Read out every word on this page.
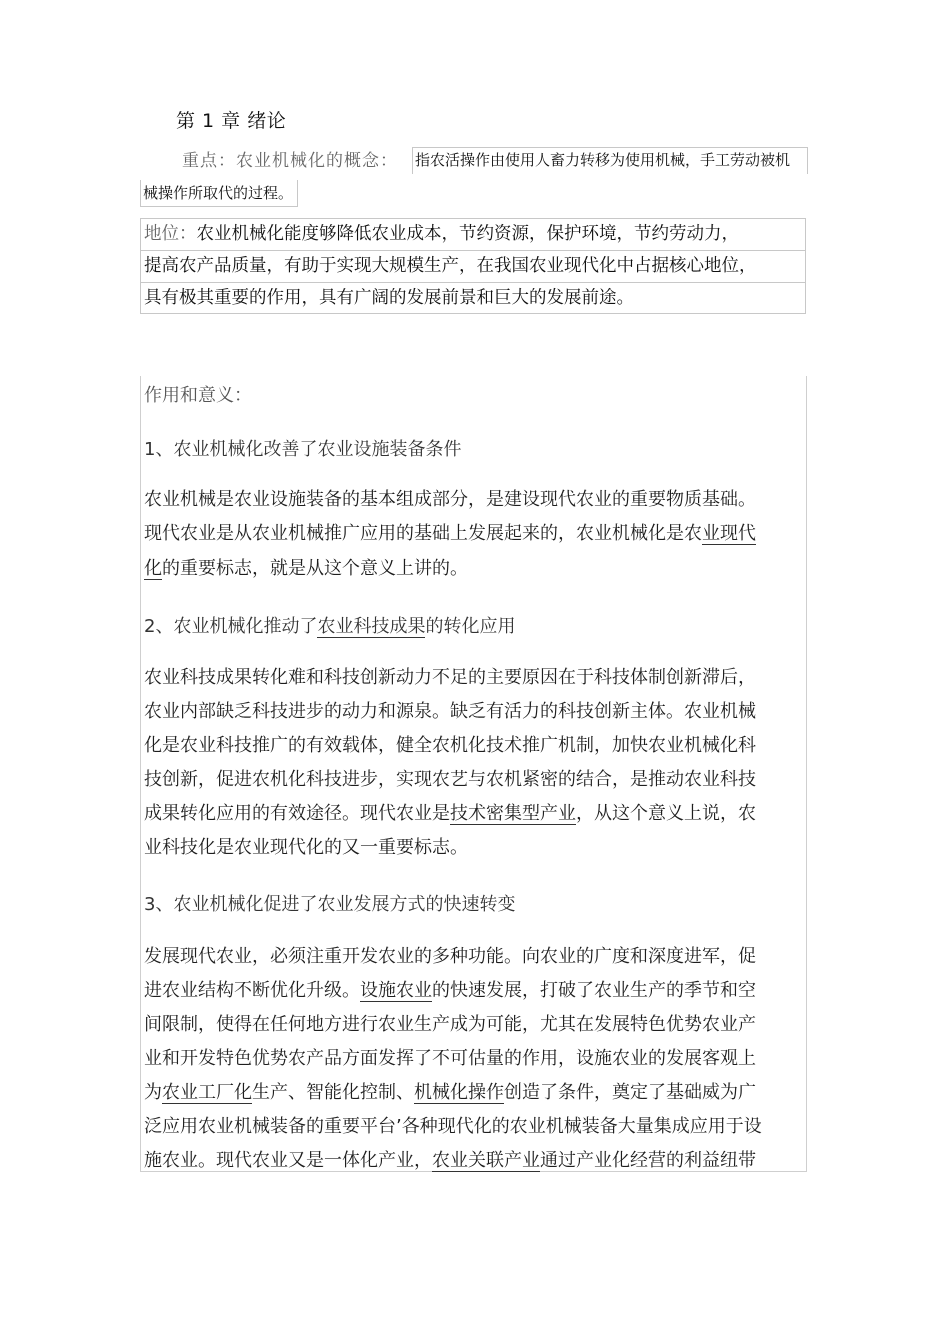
第 1 章 绪论
重点：农业机械化的概念： 指农活操作由使用人畜力转移为使用机械，手工劳动被机
械操作所取代的过程。
地位：农业机械化能度够降低农业成本，节约资源，保护环境，节约劳动力，
提高农产品质量，有助于实现大规模生产，在我国农业现代化中占据核心地位，
具有极其重要的作用，具有广阔的发展前景和巨大的发展前途。
作用和意义：
1、农业机械化改善了农业设施装备条件
农业机械是农业设施装备的基本组成部分，是建设现代农业的重要物质基础。
现代农业是从农业机械推广应用的基础上发展起来的，农业机械化是农业现代
化的重要标志，就是从这个意义上讲的。
2、农业机械化推动了农业科技成果的转化应用
农业科技成果转化难和科技创新动力不足的主要原因在于科技体制创新滞后，
农业内部缺乏科技进步的动力和源泉。缺乏有活力的科技创新主体。农业机械
化是农业科技推广的有效载体，健全农机化技术推广机制，加快农业机械化科
技创新，促进农机化科技进步，实现农艺与农机紧密的结合，是推动农业科技
成果转化应用的有效途径。现代农业是技术密集型产业，从这个意义上说，农
业科技化是农业现代化的又一重要标志。
3、农业机械化促进了农业发展方式的快速转变
发展现代农业，必须注重开发农业的多种功能。向农业的广度和深度进军，促
进农业结构不断优化升级。设施农业的快速发展，打破了农业生产的季节和空
间限制，使得在任何地方进行农业生产成为可能，尤其在发展特色优势农业产
业和开发特色优势农产品方面发挥了不可估量的作用，设施农业的发展客观上
为农业工厂化生产、智能化控制、机械化操作创造了条件，奠定了基础威为广
泛应用农业机械装备的重要平台’各种现代化的农业机械装备大量集成应用于设
施农业。现代农业又是一体化产业，农业关联产业通过产业化经营的利益纽带
